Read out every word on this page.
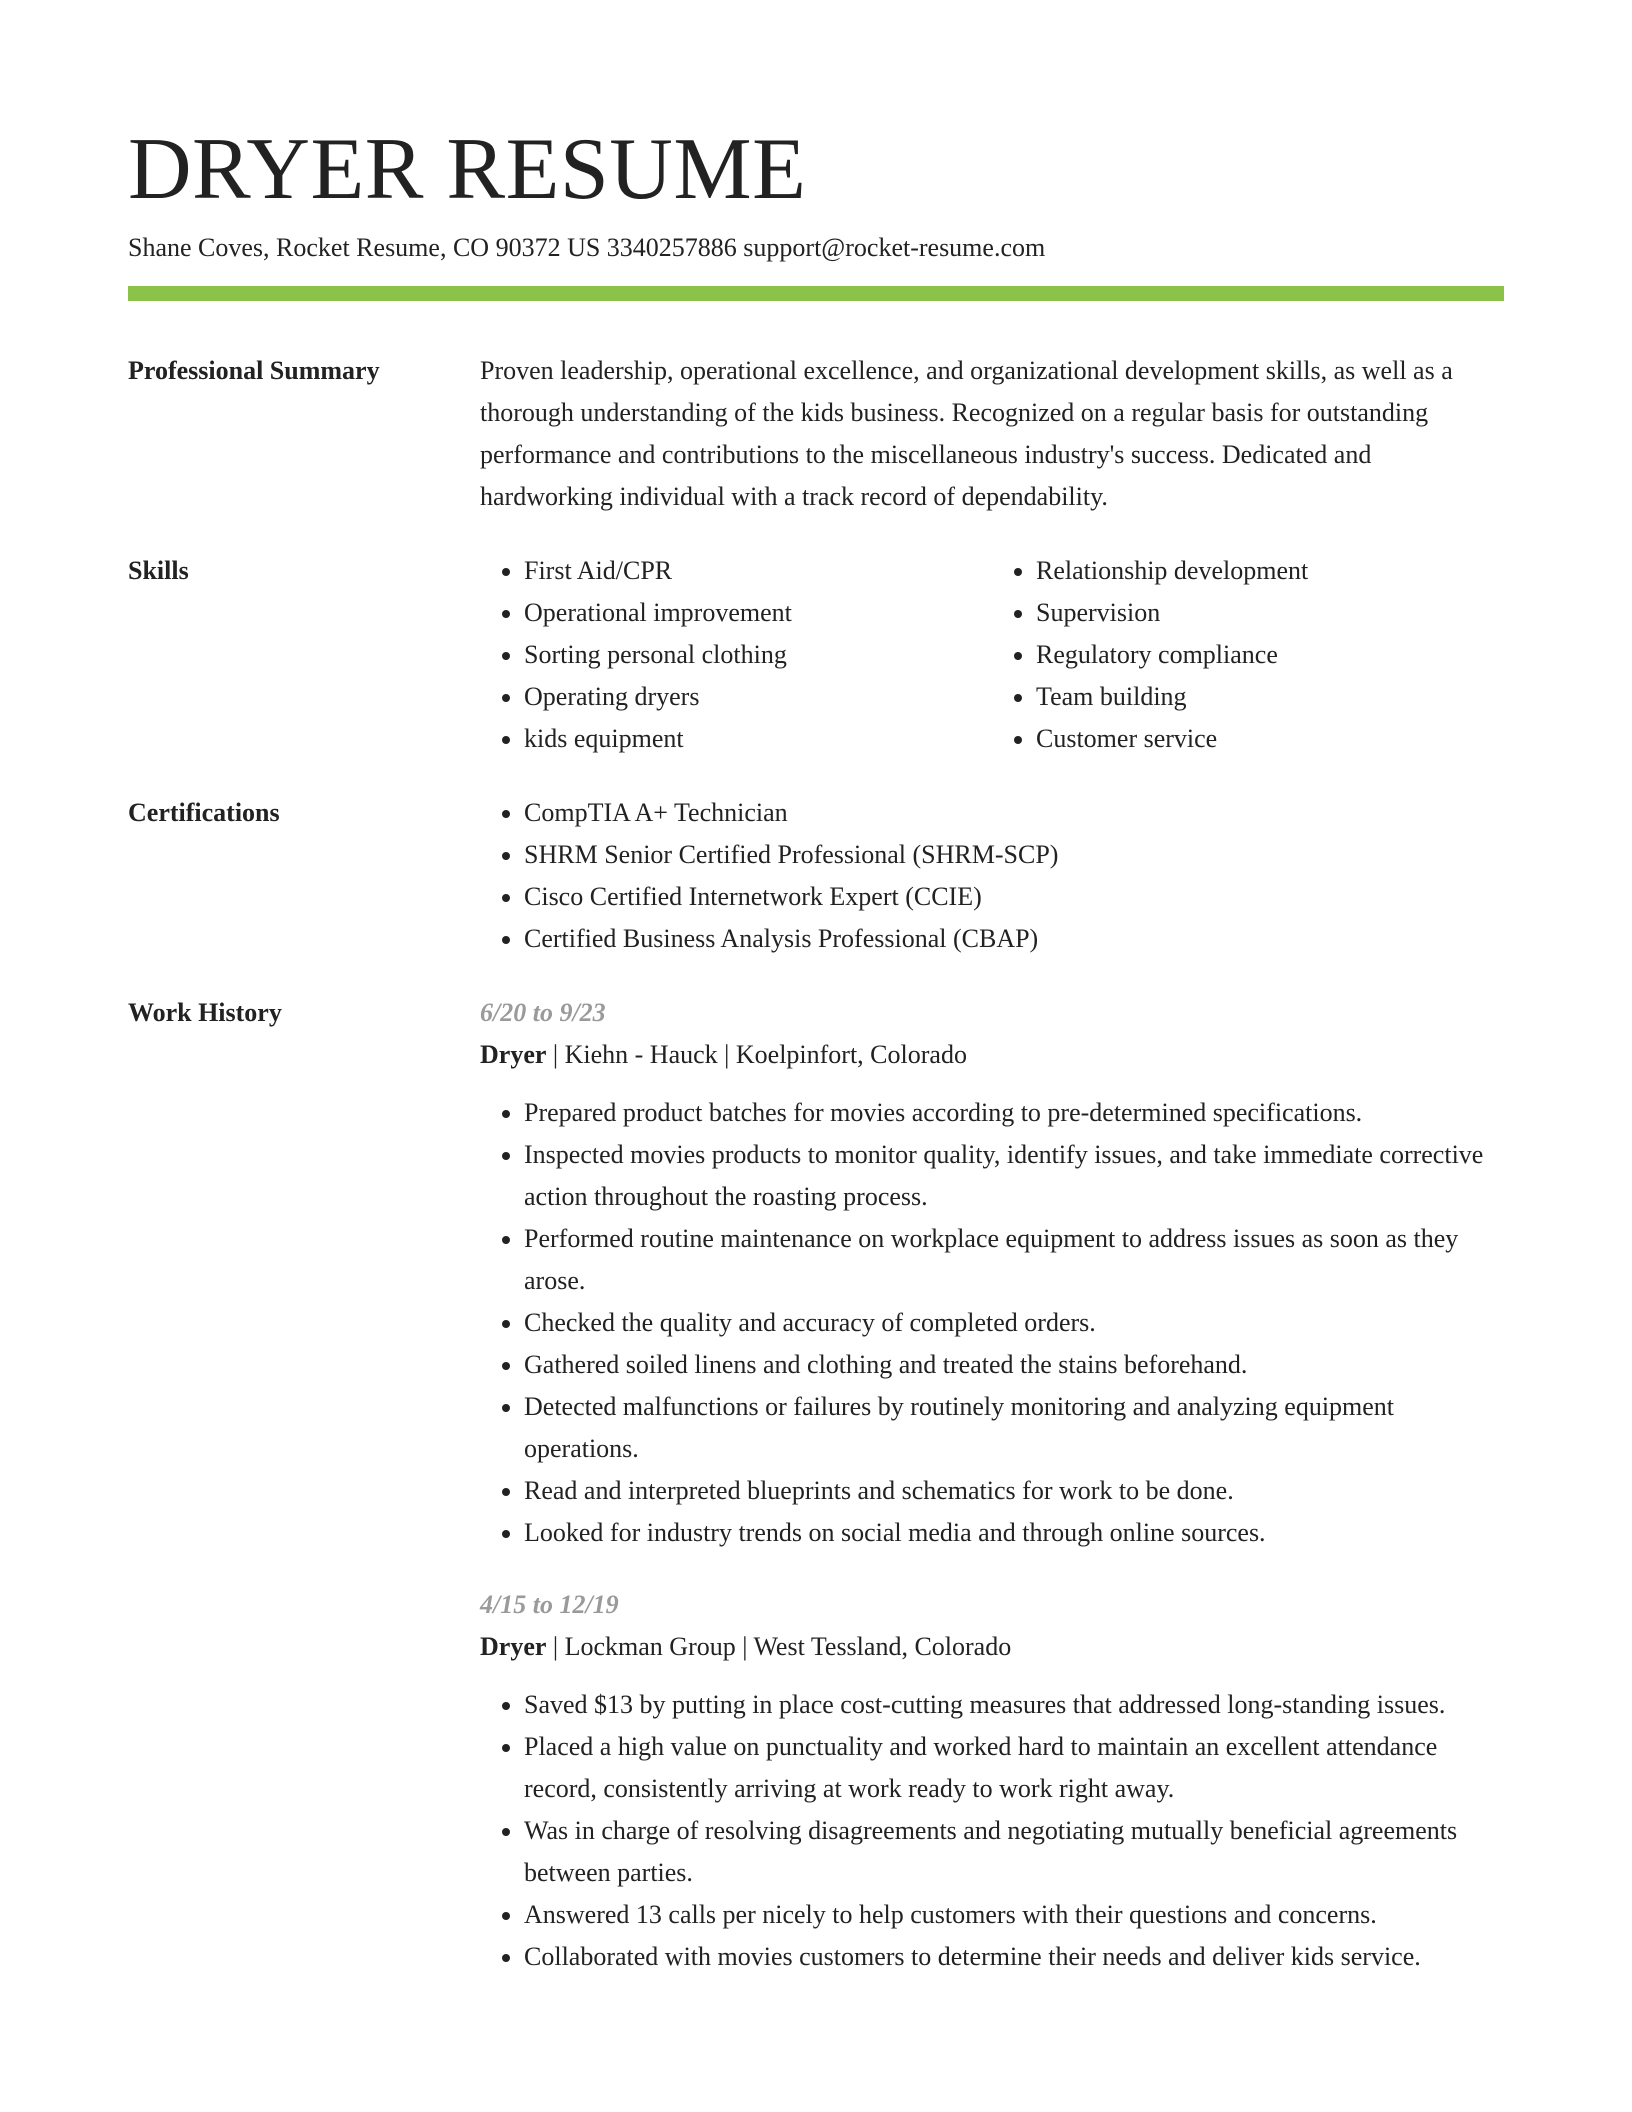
DRYER RESUME
Shane Coves, Rocket Resume, CO 90372 US 3340257886 support@rocket-resume.com
Professional Summary	Proven leadership, operational excellence, and organizational development skills, as well as a thorough understanding of the kids business. Recognized on a regular basis for outstanding performance and contributions to the miscellaneous industry's success. Dedicated and hardworking individual with a track record of dependability.

Skills	• First Aid/CPR
• Operational improvement
• Sorting personal clothing
• Operating dryers
• kids equipment
• Relationship development
• Supervision
• Regulatory compliance
• Team building
• Customer service
Certifications	• CompTIA A+ Technician
• SHRM Senior Certified Professional (SHRM-SCP)
• Cisco Certified Internetwork Expert (CCIE)
• Certified Business Analysis Professional (CBAP)
Work History	6/20 to 9/23
Dryer | Kiehn - Hauck | Koelpinfort, Colorado
• Prepared product batches for movies according to pre-determined specifications.
• Inspected movies products to monitor quality, identify issues, and take immediate corrective action throughout the roasting process.
• Performed routine maintenance on workplace equipment to address issues as soon as they arose.
• Checked the quality and accuracy of completed orders.
• Gathered soiled linens and clothing and treated the stains beforehand.
• Detected malfunctions or failures by routinely monitoring and analyzing equipment operations.
• Read and interpreted blueprints and schematics for work to be done.
• Looked for industry trends on social media and through online sources.
4/15 to 12/19
Dryer | Lockman Group | West Tessland, Colorado
• Saved $13 by putting in place cost-cutting measures that addressed long-standing issues.
• Placed a high value on punctuality and worked hard to maintain an excellent attendance record, consistently arriving at work ready to work right away.
• Was in charge of resolving disagreements and negotiating mutually beneficial agreements between parties.
• Answered 13 calls per nicely to help customers with their questions and concerns.
• Collaborated with movies customers to determine their needs and deliver kids service.
